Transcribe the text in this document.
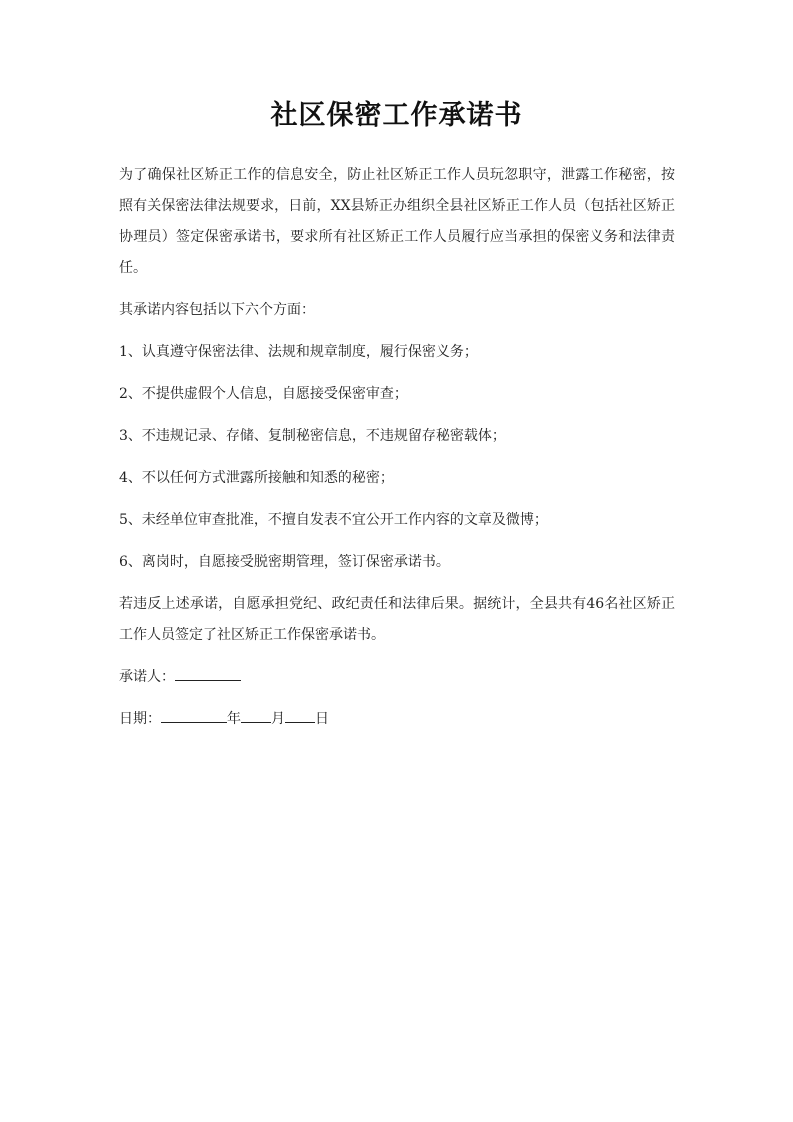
社区保密工作承诺书

为了确保社区矫正工作的信息安全，防止社区矫正工作人员玩忽职守，泄露工作秘密，按照有关保密法律法规要求，日前，XX县矫正办组织全县社区矫正工作人员（包括社区矫正协理员）签定保密承诺书，要求所有社区矫正工作人员履行应当承担的保密义务和法律责任。

其承诺内容包括以下六个方面：

1、认真遵守保密法律、法规和规章制度，履行保密义务；

2、不提供虚假个人信息，自愿接受保密审查；

3、不违规记录、存储、复制秘密信息，不违规留存秘密载体；

4、不以任何方式泄露所接触和知悉的秘密；

5、未经单位审查批准，不擅自发表不宜公开工作内容的文章及微博；

6、离岗时，自愿接受脱密期管理，签订保密承诺书。

若违反上述承诺，自愿承担党纪、政纪责任和法律后果。据统计，全县共有46名社区矫正工作人员签定了社区矫正工作保密承诺书。

承诺人：

日期：	年 月 日
